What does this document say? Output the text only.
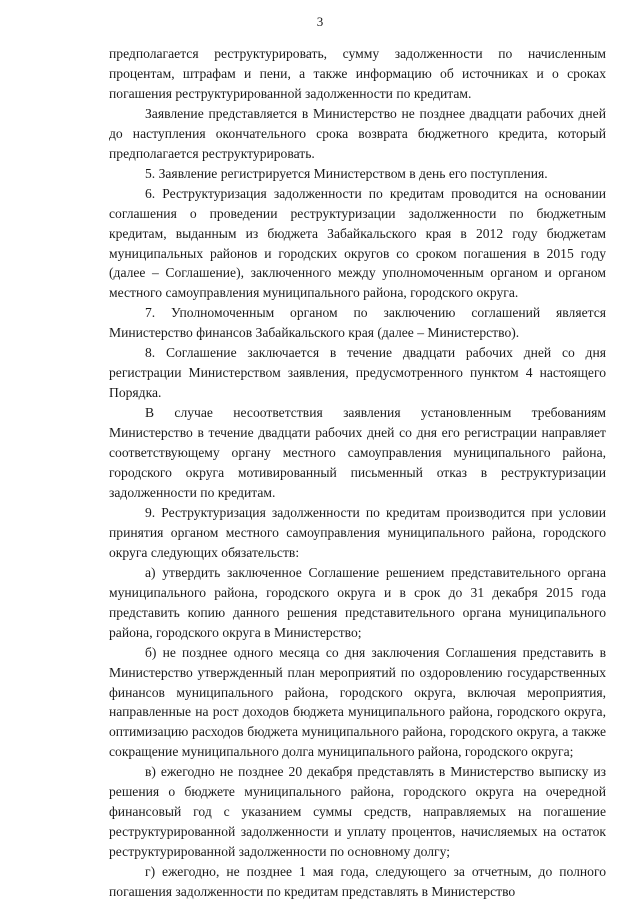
3

предполагается реструктурировать, сумму задолженности по начисленным процентам, штрафам и пени, а также информацию об источниках и о сроках погашения реструктурированной задолженности по кредитам.

Заявление представляется в Министерство не позднее двадцати рабочих дней до наступления окончательного срока возврата бюджетного кредита, который предполагается реструктурировать.

5. Заявление регистрируется Министерством в день его поступления.

6. Реструктуризация задолженности по кредитам проводится на основании соглашения о проведении реструктуризации задолженности по бюджетным кредитам, выданным из бюджета Забайкальского края в 2012 году бюджетам муниципальных районов и городских округов со сроком погашения в 2015 году (далее – Соглашение), заключенного между уполномоченным органом и органом местного самоуправления муниципального района, городского округа.

7. Уполномоченным органом по заключению соглашений является Министерство финансов Забайкальского края (далее – Министерство).

8. Соглашение заключается в течение двадцати рабочих дней со дня регистрации Министерством заявления, предусмотренного пунктом 4 настоящего Порядка.

В случае несоответствия заявления установленным требованиям Министерство в течение двадцати рабочих дней со дня его регистрации направляет соответствующему органу местного самоуправления муниципального района, городского округа мотивированный письменный отказ в реструктуризации задолженности по кредитам.

9. Реструктуризация задолженности по кредитам производится при условии принятия органом местного самоуправления муниципального района, городского округа следующих обязательств:

а) утвердить заключенное Соглашение решением представительного органа муниципального района, городского округа и в срок до 31 декабря 2015 года представить копию данного решения представительного органа муниципального района, городского округа в Министерство;

б) не позднее одного месяца со дня заключения Соглашения представить в Министерство утвержденный план мероприятий по оздоровлению государственных финансов муниципального района, городского округа, включая мероприятия, направленные на рост доходов бюджета муниципального района, городского округа, оптимизацию расходов бюджета муниципального района, городского округа, а также сокращение муниципального долга муниципального района, городского округа;

в) ежегодно не позднее 20 декабря представлять в Министерство выписку из решения о бюджете муниципального района, городского округа на очередной финансовый год с указанием суммы средств, направляемых на погашение реструктурированной задолженности и уплату процентов, начисляемых на остаток реструктурированной задолженности по основному долгу;

г) ежегодно, не позднее 1 мая года, следующего за отчетным, до полного погашения задолженности по кредитам представлять в Министерство
